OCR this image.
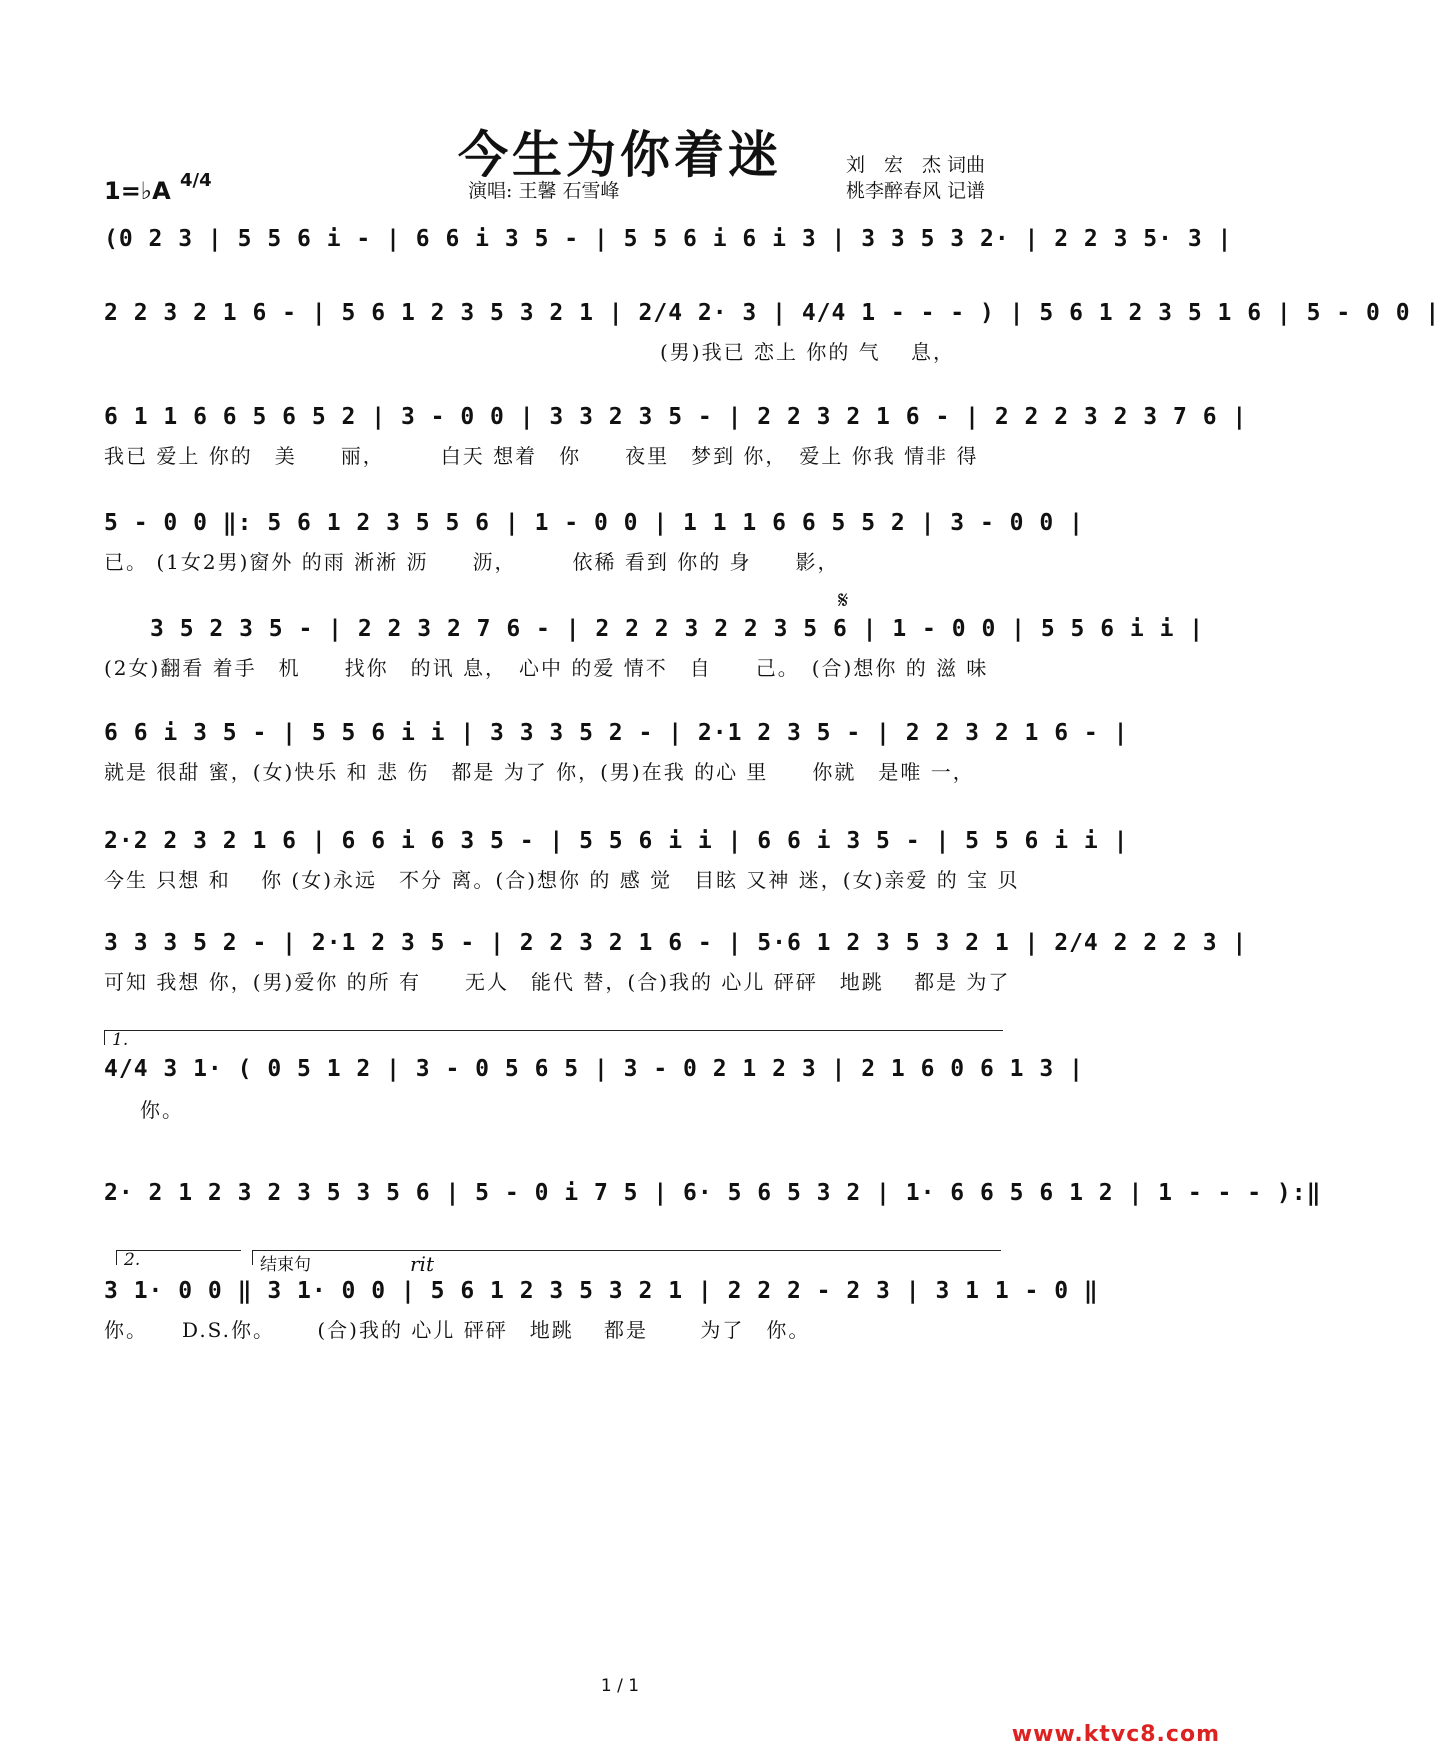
今生为你着迷	刘　宏　杰 词曲
桃李醉春风 记谱
演唱: 王馨 石雪峰
1=♭A 4/4
(0 2 3 | 5 5 6 i - | 6 6 i 3 5 - | 5 5 6 i 6 i 3 | 3 3 5 3 2· | 2 2 3 5· 3 |
2 2 3 2 1 6 - | 5 6 1 2 3 5 3 2 1 | 2/4 2· 3 | 4/4 1 - - - ) | 5 6 1 2 3 5 1 6 | 5 - 0 0 |
(男)我已 恋上 你的 气　 息，
6 1 1 6 6 5 6 5 2 | 3 - 0 0 | 3 3 2 3 5 - | 2 2 3 2 1 6 - | 2 2 2 3 2 3 7 6 |
我已 爱上 你的　美　　丽，　　　白天 想着　你　　夜里　梦到 你，　爱上 你我 情非 得
5 - 0 0 ‖: 5 6 1 2 3 5 5 6 | 1 - 0 0 | 1 1 1 6 6 5 5 2 | 3 - 0 0 |
已。 (1女2男)窗外 的雨 淅淅 沥　　沥，　　　依稀 看到 你的 身　　影，
𝄋
3 5 2 3 5 - | 2 2 3 2 7 6 - | 2 2 2 3 2 2 3 5 6 | 1 - 0 0 | 5 5 6 i i |
(2女)翻看 着手　机　　找你　的讯 息，　心中 的爱 情不　自　　己。　(合)想你 的 滋 味
6 6 i 3 5 - | 5 5 6 i i | 3 3 3 5 2 - | 2·1 2 3 5 - | 2 2 3 2 1 6 - |
就是 很甜 蜜，(女)快乐 和 悲 伤　都是 为了 你，(男)在我 的心 里　　你就　是唯 一，
2·2 2 3 2 1 6 | 6 6 i 6 3 5 - | 5 5 6 i i | 6 6 i 3 5 - | 5 5 6 i i |
今生 只想 和　 你 (女)永远　不分 离。(合)想你 的 感 觉　目眩 又神 迷，(女)亲爱 的 宝 贝
3 3 3 5 2 - | 2·1 2 3 5 - | 2 2 3 2 1 6 - | 5·6 1 2 3 5 3 2 1 | 2/4 2 2 2 3 |
可知 我想 你，(男)爱你 的所 有　　无人　能代 替，(合)我的 心儿 砰砰　地跳　 都是 为了
1.
4/4 3 1· ( 0 5 1 2 | 3 - 0 5 6 5 | 3 - 0 2 1 2 3 | 2 1 6 0 6 1 3 |
你。
2· 2 1 2 3 2 3 5 3 5 6 | 5 - 0 i 7 5 | 6· 5 6 5 3 2 | 1· 6 6 5 6 1 2 | 1 - - - ):‖
2.	结束句	rit
3 1· 0 0 ‖ 3 1· 0 0 | 5 6 1 2 3 5 3 2 1 | 2 2 2 - 2 3 | 3 1 1 - 0 ‖
你。　　D.S.你。　　 (合)我的 心儿 砰砰　地跳　 都是　　 为了　你。
1 / 1
www.ktvc8.com
